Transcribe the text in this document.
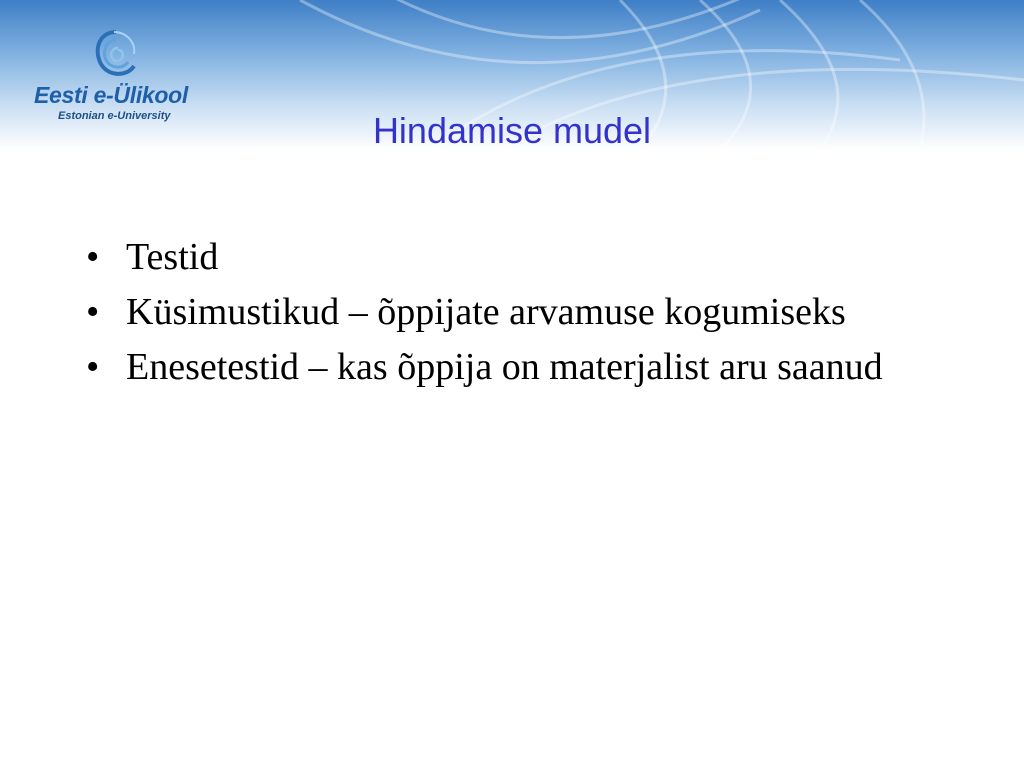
Eesti e-Ülikool
Estonian e-University	Hindamise mudel
• Testid
• Küsimustikud – õppijate arvamuse kogumiseks
• Enesetestid – kas õppija on materjalist aru saanud
